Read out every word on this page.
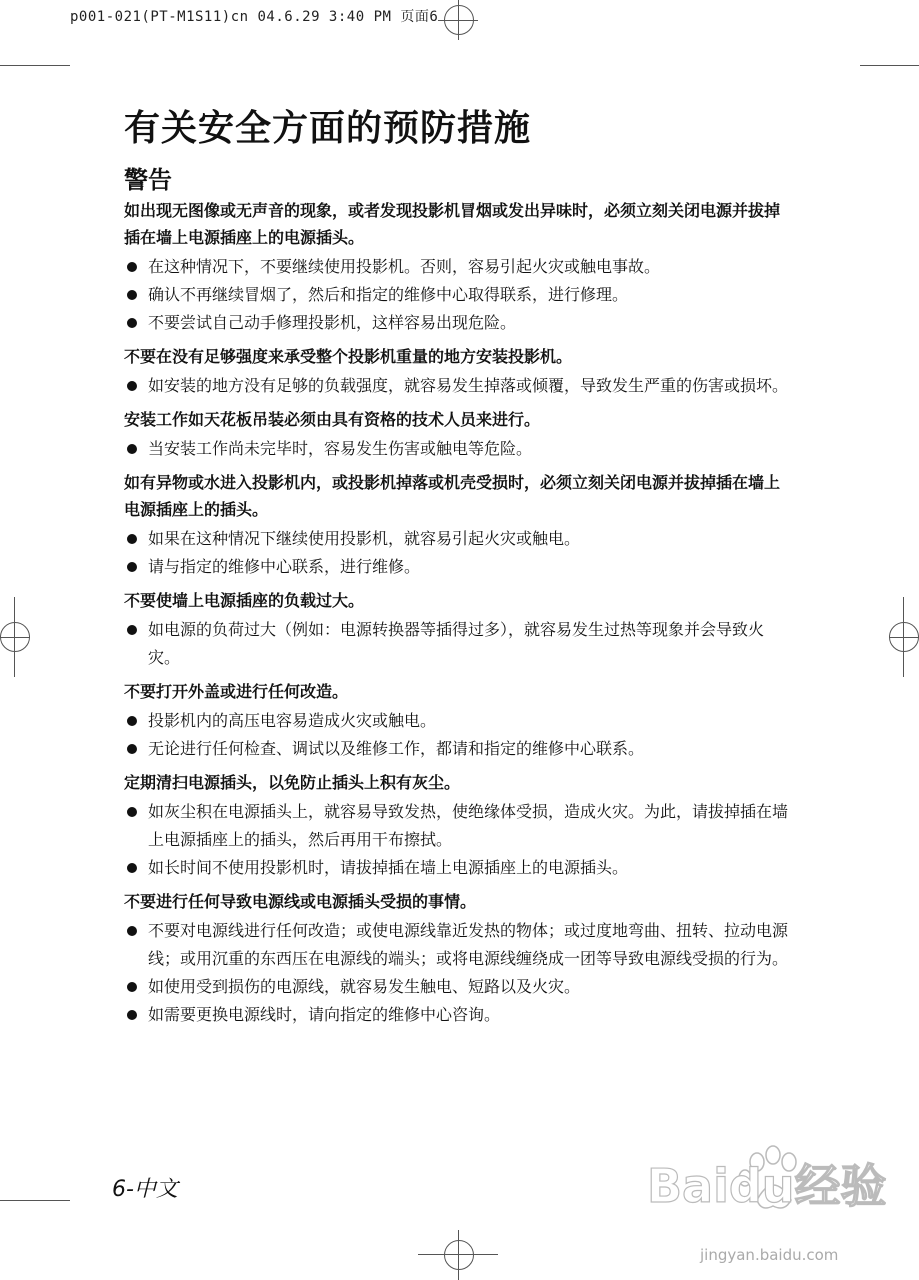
p001-021(PT-M1S11)cn 04.6.29 3:40 PM 页面6
有关安全方面的预防措施
警告
如出现无图像或无声音的现象，或者发现投影机冒烟或发出异味时，必须立刻关闭电源并拔掉插在墙上电源插座上的电源插头。
在这种情况下，不要继续使用投影机。否则，容易引起火灾或触电事故。
确认不再继续冒烟了，然后和指定的维修中心取得联系，进行修理。
不要尝试自己动手修理投影机，这样容易出现危险。
不要在没有足够强度来承受整个投影机重量的地方安装投影机。
如安装的地方没有足够的负载强度，就容易发生掉落或倾覆，导致发生严重的伤害或损坏。
安装工作如天花板吊装必须由具有资格的技术人员来进行。
当安装工作尚未完毕时，容易发生伤害或触电等危险。
如有异物或水进入投影机内，或投影机掉落或机壳受损时，必须立刻关闭电源并拔掉插在墙上电源插座上的插头。
如果在这种情况下继续使用投影机，就容易引起火灾或触电。
请与指定的维修中心联系，进行维修。
不要使墙上电源插座的负载过大。
如电源的负荷过大（例如：电源转换器等插得过多），就容易发生过热等现象并会导致火灾。
不要打开外盖或进行任何改造。
投影机内的高压电容易造成火灾或触电。
无论进行任何检查、调试以及维修工作，都请和指定的维修中心联系。
定期清扫电源插头，以免防止插头上积有灰尘。
如灰尘积在电源插头上，就容易导致发热，使绝缘体受损，造成火灾。为此，请拔掉插在墙上电源插座上的插头，然后再用干布擦拭。
如长时间不使用投影机时，请拔掉插在墙上电源插座上的电源插头。
不要进行任何导致电源线或电源插头受损的事情。
不要对电源线进行任何改造；或使电源线靠近发热的物体；或过度地弯曲、扭转、拉动电源线；或用沉重的东西压在电源线的端头；或将电源线缠绕成一团等导致电源线受损的行为。
如使用受到损伤的电源线，就容易发生触电、短路以及火灾。
如需要更换电源线时，请向指定的维修中心咨询。
6-中文	Baidu经验
jingyan.baidu.com
